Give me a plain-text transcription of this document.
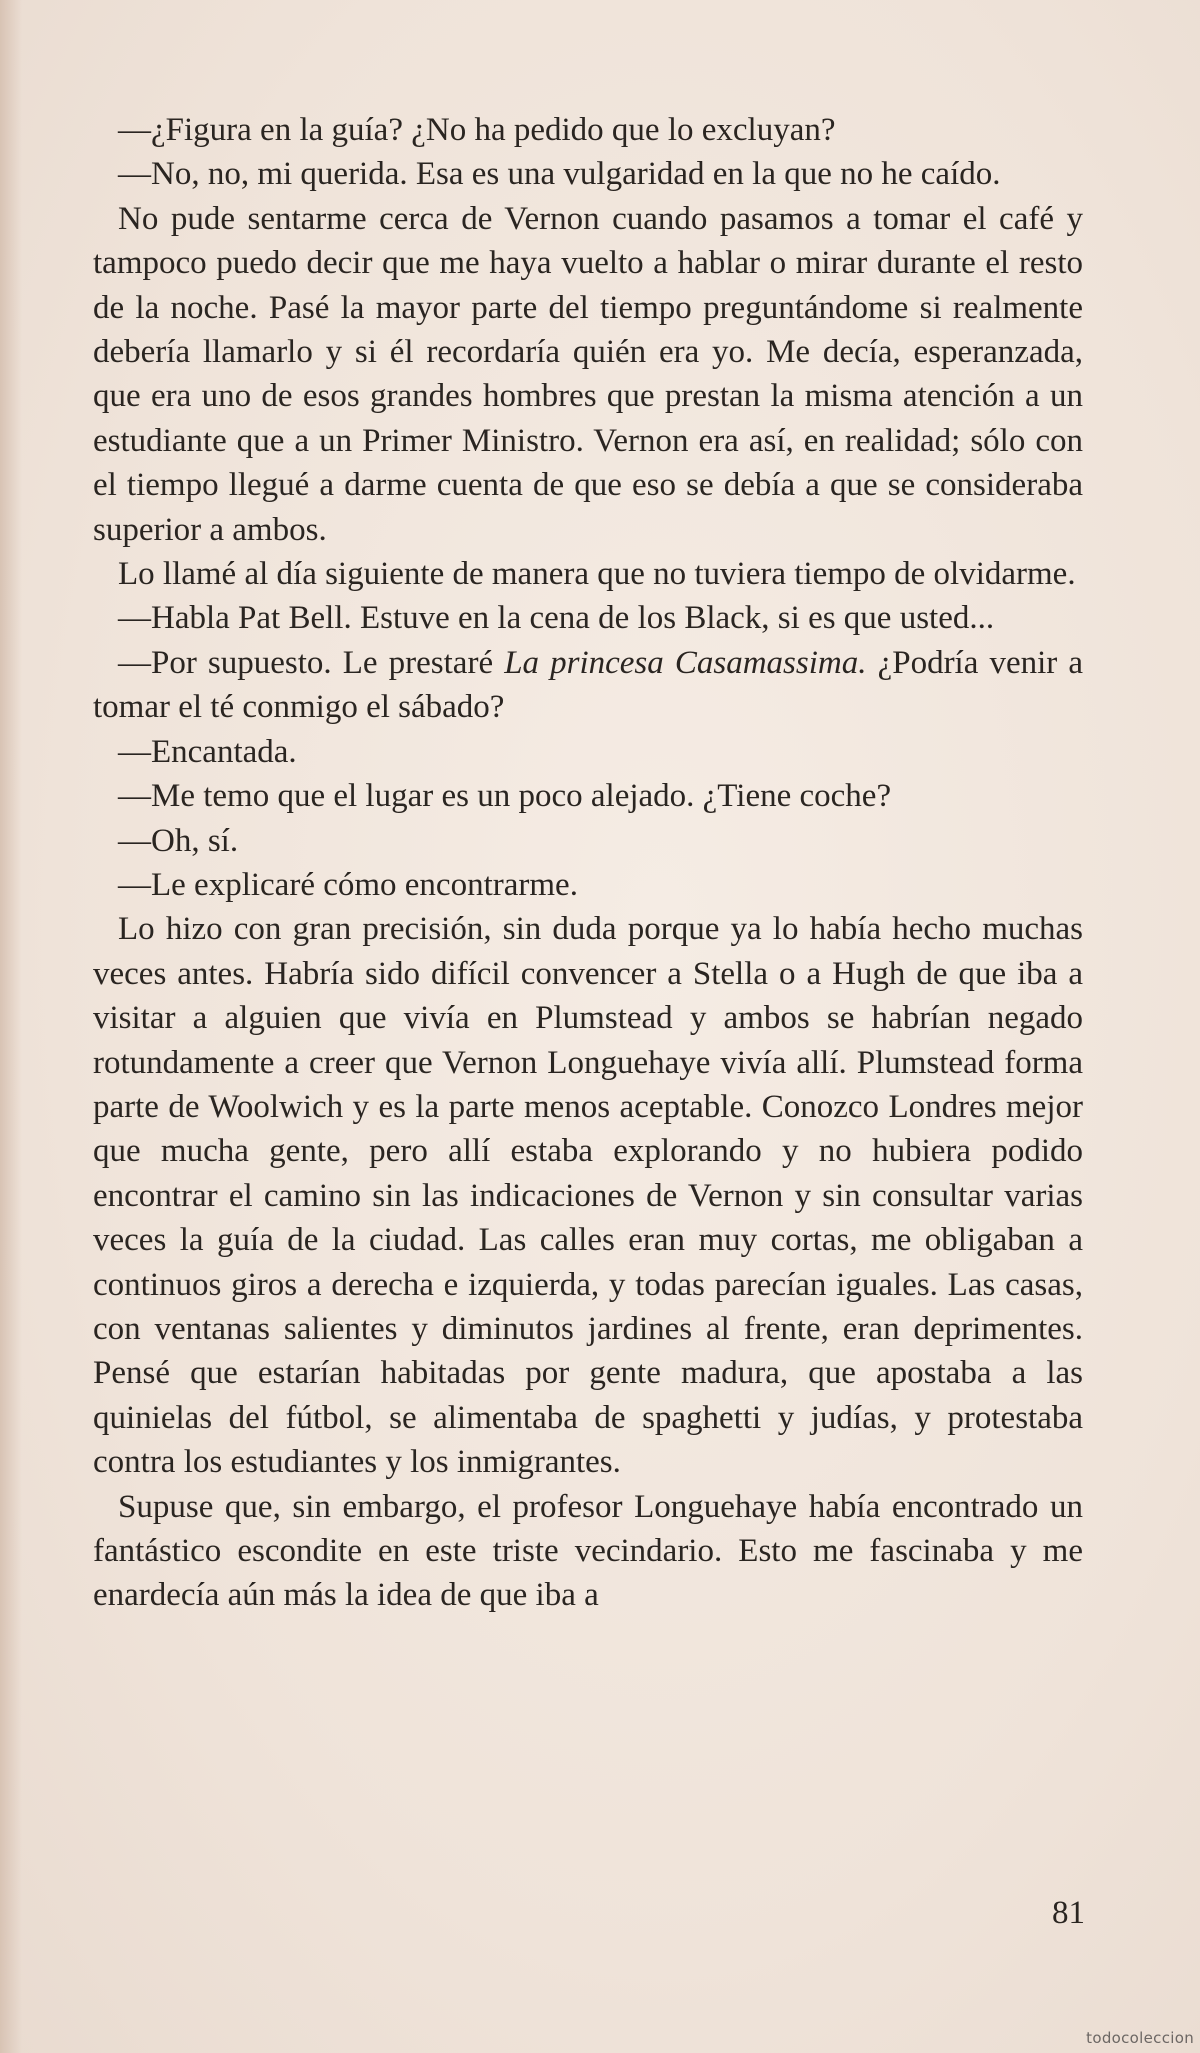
—¿Figura en la guía? ¿No ha pedido que lo excluyan?

—No, no, mi querida. Esa es una vulgaridad en la que no he caído.

No pude sentarme cerca de Vernon cuando pasamos a tomar el café y tampoco puedo decir que me haya vuelto a hablar o mirar durante el resto de la noche. Pasé la mayor parte del tiempo preguntándome si realmente debería llamarlo y si él recordaría quién era yo. Me decía, esperanzada, que era uno de esos grandes hombres que prestan la misma atención a un estudiante que a un Primer Ministro. Vernon era así, en realidad; sólo con el tiempo llegué a darme cuenta de que eso se debía a que se consideraba superior a ambos.

Lo llamé al día siguiente de manera que no tuviera tiempo de olvidarme.

—Habla Pat Bell. Estuve en la cena de los Black, si es que usted...

—Por supuesto. Le prestaré La princesa Casamassima. ¿Podría venir a tomar el té conmigo el sábado?

—Encantada.

—Me temo que el lugar es un poco alejado. ¿Tiene coche?

—Oh, sí.

—Le explicaré cómo encontrarme.

Lo hizo con gran precisión, sin duda porque ya lo había hecho muchas veces antes. Habría sido difícil convencer a Stella o a Hugh de que iba a visitar a alguien que vivía en Plumstead y ambos se habrían negado rotundamente a creer que Vernon Longuehaye vivía allí. Plumstead forma parte de Woolwich y es la parte menos aceptable. Conozco Londres mejor que mucha gente, pero allí estaba explorando y no hubiera podido encontrar el camino sin las indicaciones de Vernon y sin consultar varias veces la guía de la ciudad. Las calles eran muy cortas, me obligaban a continuos giros a derecha e izquierda, y todas parecían iguales. Las casas, con ventanas salientes y diminutos jardines al frente, eran deprimentes. Pensé que estarían habitadas por gente madura, que apostaba a las quinielas del fútbol, se alimentaba de spaghetti y judías, y protestaba contra los estudiantes y los inmigrantes.

Supuse que, sin embargo, el profesor Longuehaye había encontrado un fantástico escondite en este triste vecindario. Esto me fascinaba y me enardecía aún más la idea de que iba a

81
todocoleccion
